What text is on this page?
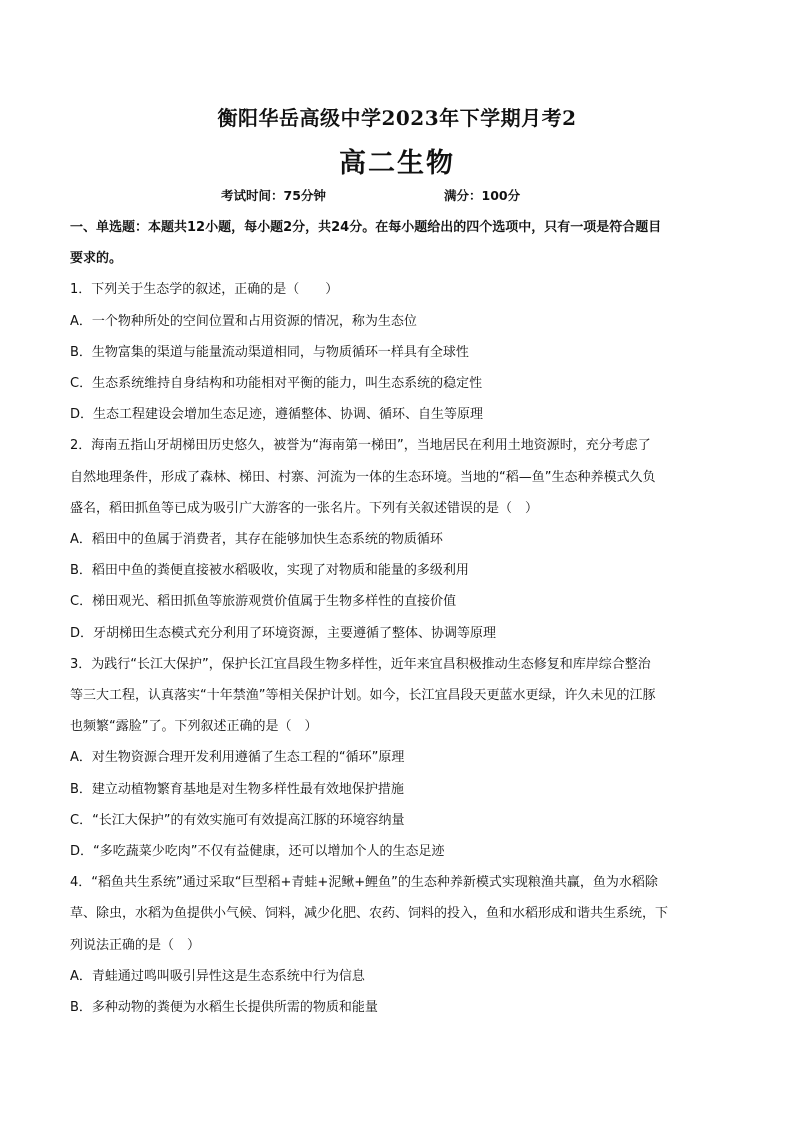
衡阳华岳高级中学2023年下学期月考2
高二生物
考试时间：75分钟	满分：100分
一、单选题：本题共12小题，每小题2分，共24分。在每小题给出的四个选项中，只有一项是符合题目
要求的。
1．下列关于生态学的叙述，正确的是（　　）
A．一个物种所处的空间位置和占用资源的情况，称为生态位
B．生物富集的渠道与能量流动渠道相同，与物质循环一样具有全球性
C．生态系统维持自身结构和功能相对平衡的能力，叫生态系统的稳定性
D．生态工程建设会增加生态足迹，遵循整体、协调、循环、自生等原理
2．海南五指山牙胡梯田历史悠久，被誉为“海南第一梯田”，当地居民在利用土地资源时，充分考虑了
自然地理条件，形成了森林、梯田、村寨、河流为一体的生态环境。当地的“稻—鱼”生态种养模式久负
盛名，稻田抓鱼等已成为吸引广大游客的一张名片。下列有关叙述错误的是（　）
A．稻田中的鱼属于消费者，其存在能够加快生态系统的物质循环
B．稻田中鱼的粪便直接被水稻吸收，实现了对物质和能量的多级利用
C．梯田观光、稻田抓鱼等旅游观赏价值属于生物多样性的直接价值
D．牙胡梯田生态模式充分利用了环境资源，主要遵循了整体、协调等原理
3．为践行“长江大保护”，保护长江宜昌段生物多样性，近年来宜昌积极推动生态修复和库岸综合整治
等三大工程，认真落实“十年禁渔”等相关保护计划。如今，长江宜昌段天更蓝水更绿，许久未见的江豚
也频繁“露脸”了。下列叙述正确的是（　）
A．对生物资源合理开发利用遵循了生态工程的“循环”原理
B．建立动植物繁育基地是对生物多样性最有效地保护措施
C．“长江大保护”的有效实施可有效提高江豚的环境容纳量
D．“多吃蔬菜少吃肉”不仅有益健康，还可以增加个人的生态足迹
4．“稻鱼共生系统”通过采取“巨型稻+青蛙+泥鳅+鲤鱼”的生态种养新模式实现粮渔共赢，鱼为水稻除
草、除虫，水稻为鱼提供小气候、饲料，减少化肥、农药、饲料的投入，鱼和水稻形成和谐共生系统，下
列说法正确的是（　）
A．青蛙通过鸣叫吸引异性这是生态系统中行为信息
B．多种动物的粪便为水稻生长提供所需的物质和能量
